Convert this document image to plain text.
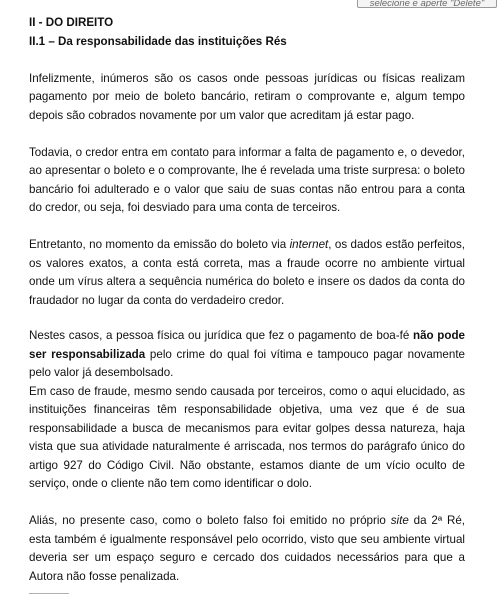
selecione e aperte "Delete"

II - DO DIREITO

II.1 – Da responsabilidade das instituições Rés

Infelizmente, inúmeros são os casos onde pessoas jurídicas ou físicas realizam pagamento por meio de boleto bancário, retiram o comprovante e, algum tempo depois são cobrados novamente por um valor que acreditam já estar pago.

Todavia, o credor entra em contato para informar a falta de pagamento e, o devedor, ao apresentar o boleto e o comprovante, lhe é revelada uma triste surpresa: o boleto bancário foi adulterado e o valor que saiu de suas contas não entrou para a conta do credor, ou seja, foi desviado para uma conta de terceiros.

Entretanto, no momento da emissão do boleto via internet, os dados estão perfeitos, os valores exatos, a conta está correta, mas a fraude ocorre no ambiente virtual onde um vírus altera a sequência numérica do boleto e insere os dados da conta do fraudador no lugar da conta do verdadeiro credor.

Nestes casos, a pessoa física ou jurídica que fez o pagamento de boa-fé não pode ser responsabilizada pelo crime do qual foi vítima e tampouco pagar novamente pelo valor já desembolsado.

Em caso de fraude, mesmo sendo causada por terceiros, como o aqui elucidado, as instituições financeiras têm responsabilidade objetiva, uma vez que é de sua responsabilidade a busca de mecanismos para evitar golpes dessa natureza, haja vista que sua atividade naturalmente é arriscada, nos termos do parágrafo único do artigo 927 do Código Civil. Não obstante, estamos diante de um vício oculto de serviço, onde o cliente não tem como identificar o dolo.

Aliás, no presente caso, como o boleto falso foi emitido no próprio site da 2ª Ré, esta também é igualmente responsável pelo ocorrido, visto que seu ambiente virtual deveria ser um espaço seguro e cercado dos cuidados necessários para que a Autora não fosse penalizada.
